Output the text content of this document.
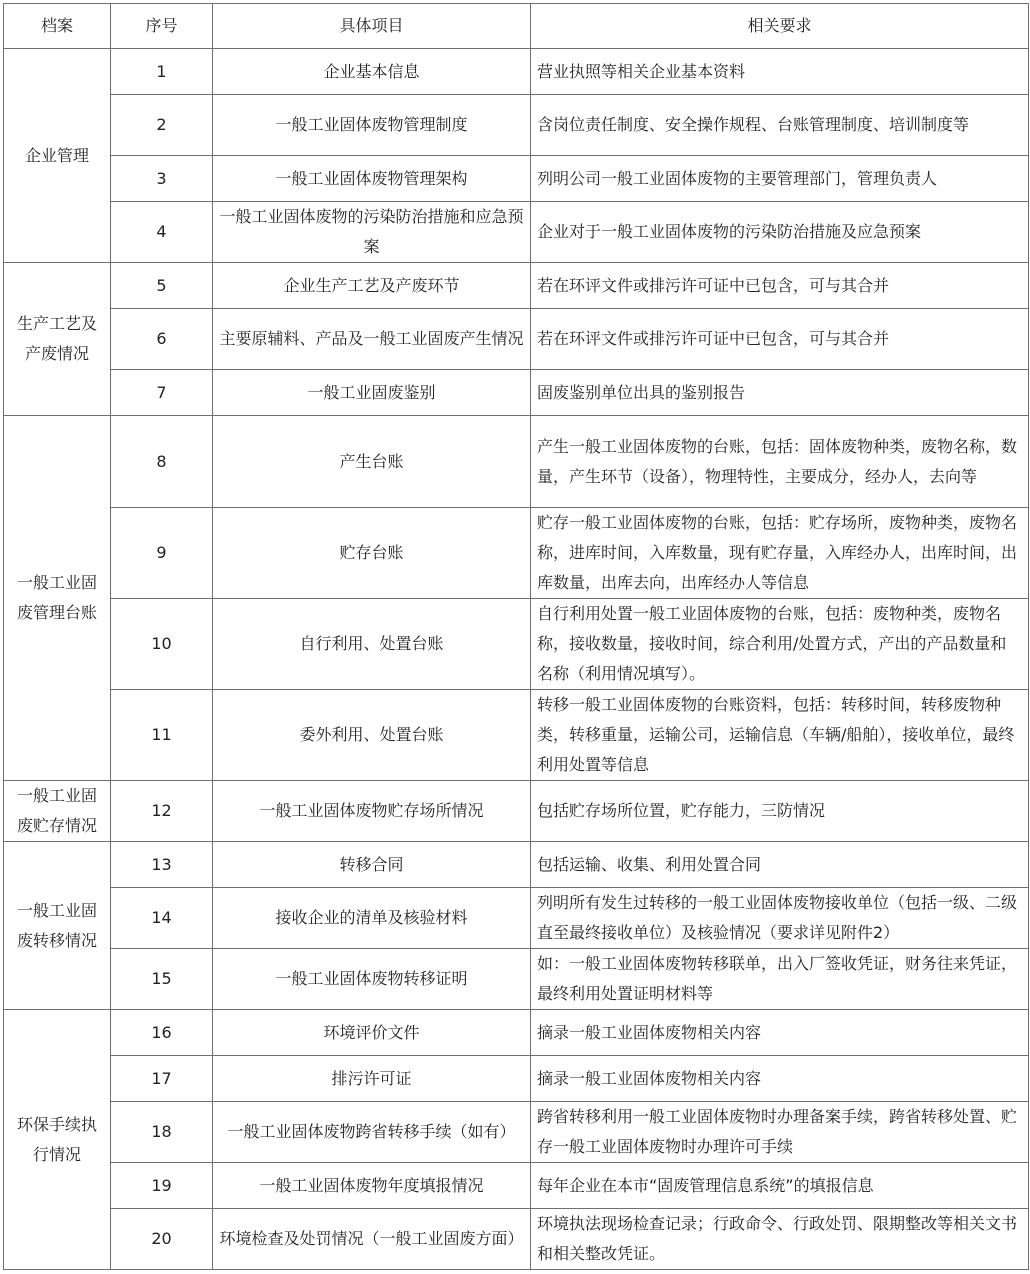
档案	序号	具体项目	相关要求
企业管理	1	企业基本信息	营业执照等相关企业基本资料
	2	一般工业固体废物管理制度	含岗位责任制度、安全操作规程、台账管理制度、培训制度等
	3	一般工业固体废物管理架构	列明公司一般工业固体废物的主要管理部门，管理负责人
	4	一般工业固体废物的污染防治措施和应急预案	企业对于一般工业固体废物的污染防治措施及应急预案
生产工艺及产废情况	5	企业生产工艺及产废环节	若在环评文件或排污许可证中已包含，可与其合并
	6	主要原辅料、产品及一般工业固废产生情况	若在环评文件或排污许可证中已包含，可与其合并
	7	一般工业固废鉴别	固废鉴别单位出具的鉴别报告
一般工业固废管理台账	8	产生台账	产生一般工业固体废物的台账，包括：固体废物种类，废物名称，数量，产生环节（设备），物理特性，主要成分，经办人，去向等
	9	贮存台账	贮存一般工业固体废物的台账，包括：贮存场所，废物种类，废物名称，进库时间，入库数量，现有贮存量，入库经办人，出库时间，出库数量，出库去向，出库经办人等信息
	10	自行利用、处置台账	自行利用处置一般工业固体废物的台账，包括：废物种类，废物名称，接收数量，接收时间，综合利用/处置方式，产出的产品数量和名称（利用情况填写）。
	11	委外利用、处置台账	转移一般工业固体废物的台账资料，包括：转移时间，转移废物种类，转移重量，运输公司，运输信息（车辆/船舶），接收单位，最终利用处置等信息
一般工业固废贮存情况	12	一般工业固体废物贮存场所情况	包括贮存场所位置，贮存能力，三防情况
一般工业固废转移情况	13	转移合同	包括运输、收集、利用处置合同
	14	接收企业的清单及核验材料	列明所有发生过转移的一般工业固体废物接收单位（包括一级、二级直至最终接收单位）及核验情况（要求详见附件2）
	15	一般工业固体废物转移证明	如：一般工业固体废物转移联单，出入厂签收凭证，财务往来凭证，最终利用处置证明材料等
环保手续执行情况	16	环境评价文件	摘录一般工业固体废物相关内容
	17	排污许可证	摘录一般工业固体废物相关内容
	18	一般工业固体废物跨省转移手续（如有）	跨省转移利用一般工业固体废物时办理备案手续，跨省转移处置、贮存一般工业固体废物时办理许可手续
	19	一般工业固体废物年度填报情况	每年企业在本市“固废管理信息系统”的填报信息
	20	环境检查及处罚情况（一般工业固废方面）	环境执法现场检查记录；行政命令、行政处罚、限期整改等相关文书和相关整改凭证。
